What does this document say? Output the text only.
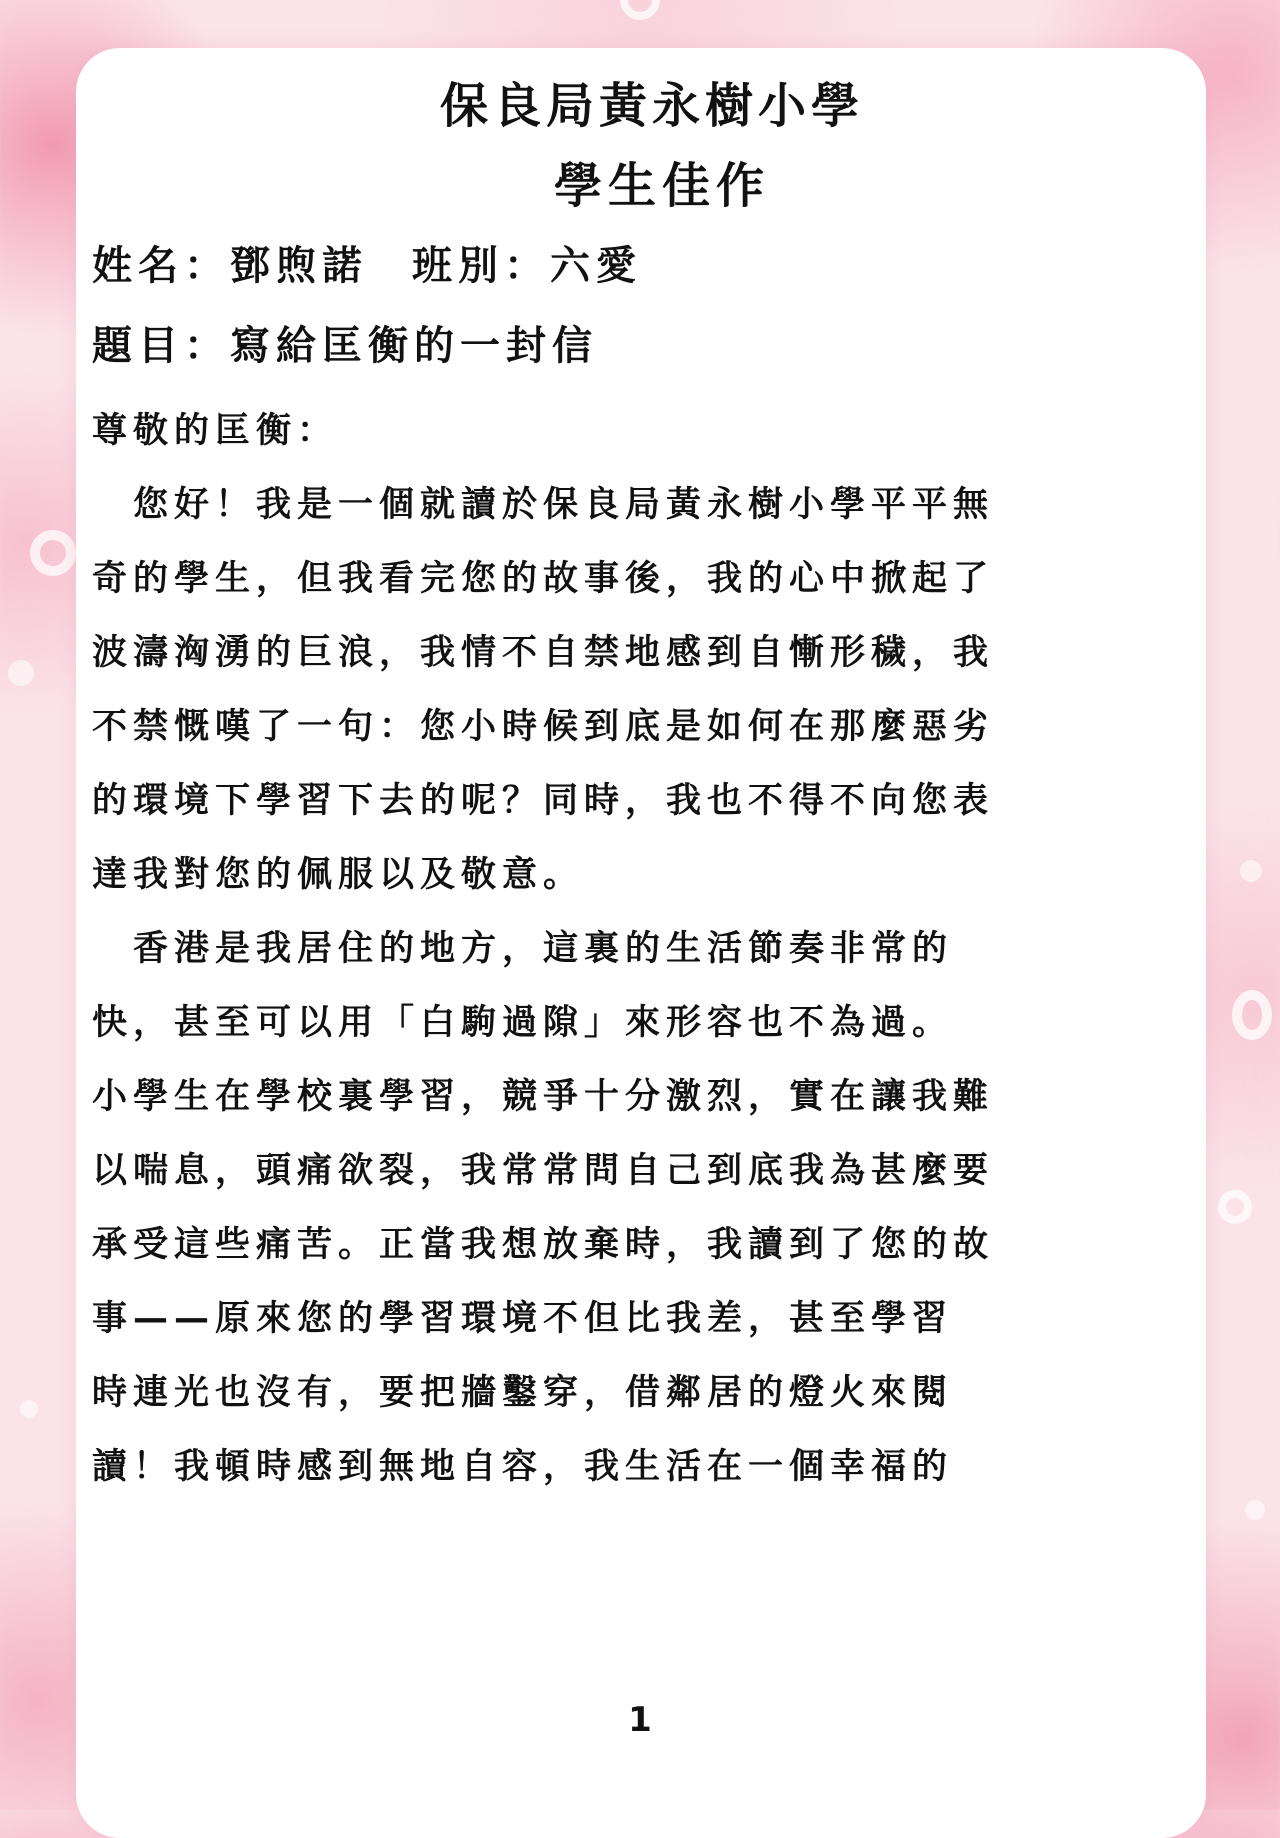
保良局黃永樹小學
學生佳作

姓名：鄧煦諾 班別：六愛

題目：寫給匡衡的一封信

尊敬的匡衡：

　您好！我是一個就讀於保良局黃永樹小學平平無

奇的學生，但我看完您的故事後，我的心中掀起了

波濤洶湧的巨浪，我情不自禁地感到自慚形穢，我

不禁慨嘆了一句：您小時候到底是如何在那麼惡劣

的環境下學習下去的呢？同時，我也不得不向您表

達我對您的佩服以及敬意。

　香港是我居住的地方，這裏的生活節奏非常的

快，甚至可以用「白駒過隙」來形容也不為過。

小學生在學校裏學習，競爭十分激烈，實在讓我難

以喘息，頭痛欲裂，我常常問自己到底我為甚麼要

承受這些痛苦。正當我想放棄時，我讀到了您的故

事——原來您的學習環境不但比我差，甚至學習

時連光也沒有，要把牆鑿穿，借鄰居的燈火來閱

讀！我頓時感到無地自容，我生活在一個幸福的

1
